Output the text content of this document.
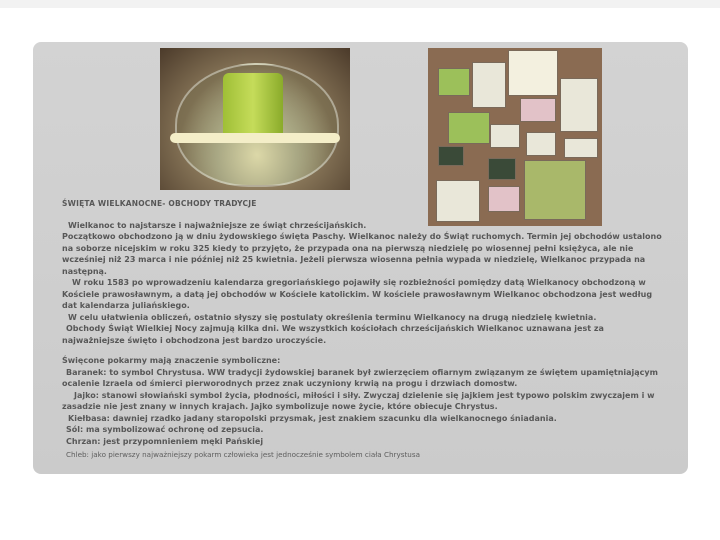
ŚWIĘTA WIELKANOCNE- OBCHODY TRADYCJE

Wielkanoc to najstarsze i najważniejsze ze świąt chrześcijańskich.

Początkowo obchodzono ją w dniu żydowskiego święta Paschy. Wielkanoc należy do Świąt ruchomych. Termin jej obchodów ustalono na soborze nicejskim w roku 325 kiedy to przyjęto, że przypada ona na pierwszą niedzielę po wiosennej pełni księżyca, ale nie wcześniej niż 23 marca i nie później niż 25 kwietnia. Jeżeli pierwsza wiosenna pełnia wypada w niedzielę, Wielkanoc przypada na następną.

W roku 1583 po wprowadzeniu kalendarza gregoriańskiego pojawiły się rozbieżności pomiędzy datą Wielkanocy obchodzoną w Kościele prawosławnym, a datą jej obchodów w Kościele katolickim. W kościele prawosławnym Wielkanoc obchodzona jest według dat kalendarza juliańskiego.

W celu ułatwienia obliczeń, ostatnio słyszy się postulaty określenia terminu Wielkanocy na drugą niedzielę kwietnia.

Obchody Świąt Wielkiej Nocy zajmują kilka dni. We wszystkich kościołach chrześcijańskich Wielkanoc uznawana jest za najważniejsze święto i obchodzona jest bardzo uroczyście.

Święcone pokarmy mają znaczenie symboliczne:

Baranek: to symbol Chrystusa. WW tradycji żydowskiej baranek był zwierzęciem ofiarnym związanym ze świętem upamiętniającym ocalenie Izraela od śmierci pierworodnych przez znak uczyniony krwią na progu i drzwiach domostw.

Jajko: stanowi słowiański symbol życia, płodności, miłości i siły. Zwyczaj dzielenie się jajkiem jest typowo polskim zwyczajem i w zasadzie nie jest znany w innych krajach. Jajko symbolizuje nowe życie, które obiecuje Chrystus.

Kiełbasa: dawniej rzadko jadany staropolski przysmak, jest znakiem szacunku dla wielkanocnego śniadania.

Sól: ma symbolizować ochronę od zepsucia.

Chrzan: jest przypomnieniem męki Pańskiej

Chleb: jako pierwszy najważniejszy pokarm człowieka jest jednocześnie symbolem ciała Chrystusa
